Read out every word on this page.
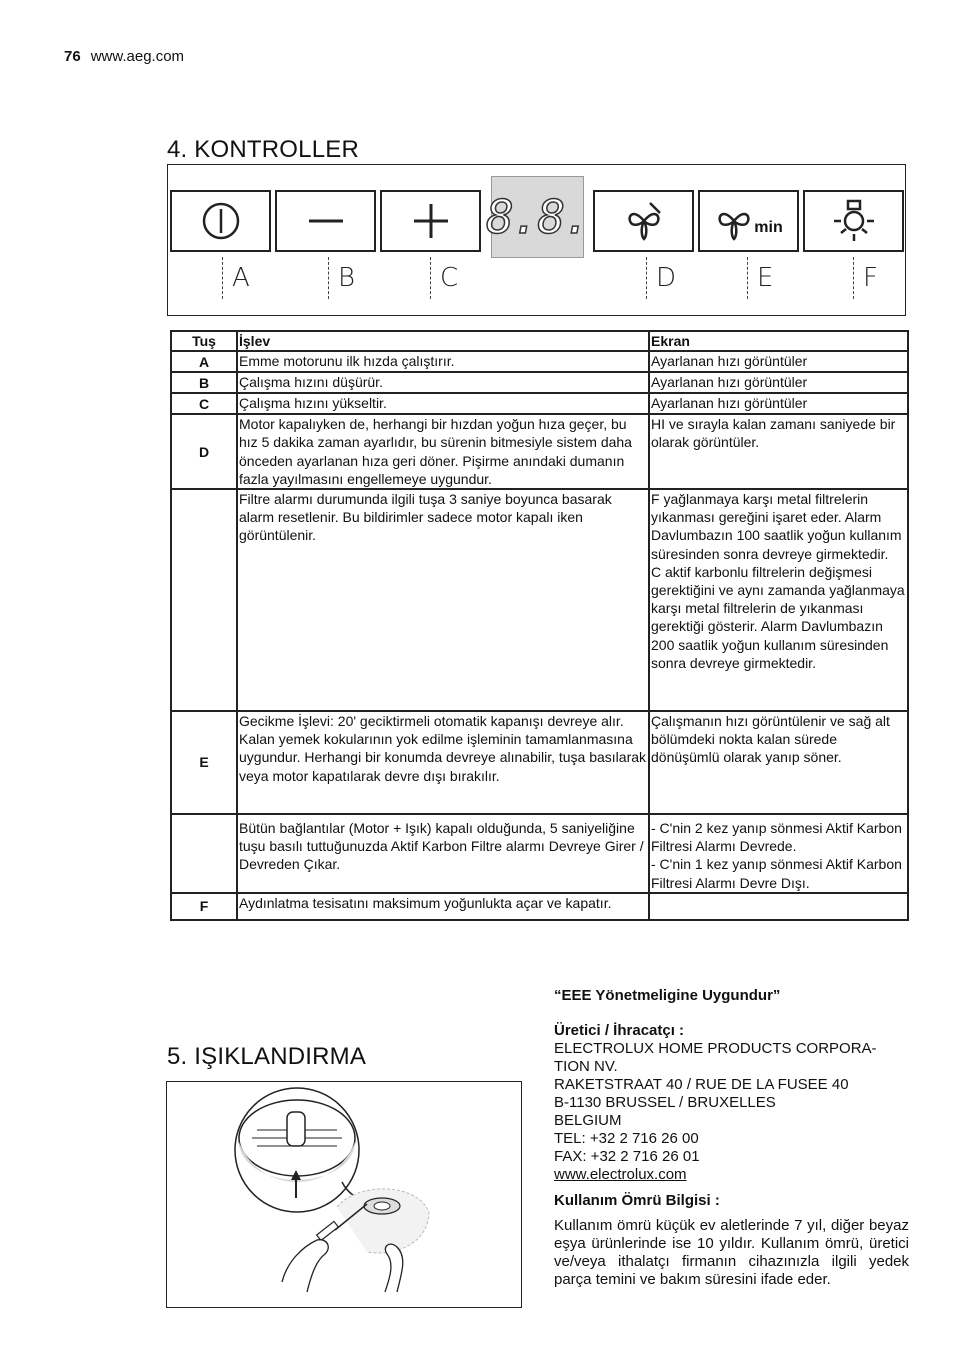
76 www.aeg.com
4. KONTROLLER
8.8.	min
A	B	C	D	E	F
Tuş	İşlev	Ekran
A	Emme motorunu ilk hızda çalıştırır.	Ayarlanan hızı görüntüler
B	Çalışma hızını düşürür.	Ayarlanan hızı görüntüler
C	Çalışma hızını yükseltir.	Ayarlanan hızı görüntüler
D	Motor kapalıyken de, herhangi bir hızdan yoğun hıza geçer, bu hız 5 dakika zaman ayarlıdır, bu sürenin bitmesiyle sistem daha önceden ayarlanan hıza geri döner. Pişirme anındaki dumanın fazla yayılmasını engellemeye uygundur.	HI ve sırayla kalan zamanı saniyede bir olarak görüntüler.
	Filtre alarmı durumunda ilgili tuşa 3 saniye boyunca basarak alarm resetlenir. Bu bildirimler sadece motor kapalı iken görüntülenir.	F yağlanmaya karşı metal filtrelerin yıkanması gereğini işaret eder. Alarm Davlumbazın 100 saatlik yoğun kullanım süresinden sonra devreye girmektedir.
C aktif karbonlu filtrelerin değişmesi gerektiğini ve aynı zamanda yağlanmaya karşı metal filtrelerin de yıkanması gerektiği gösterir. Alarm Davlumbazın 200 saatlik yoğun kullanım süresinden sonra devreye girmektedir.
E	Gecikme İşlevi: 20' geciktirmeli otomatik kapanışı devreye alır. Kalan yemek kokularının yok edilme işleminin tamamlanmasına uygundur. Herhangi bir konumda devreye alınabilir, tuşa basılarak veya motor kapatılarak devre dışı bırakılır.	Çalışmanın hızı görüntülenir ve sağ alt bölümdeki nokta kalan sürede dönüşümlü olarak yanıp söner.
	Bütün bağlantılar (Motor + Işık) kapalı olduğunda, 5 saniyeliğine tuşu basılı tuttuğunuzda Aktif Karbon Filtre alarmı Devreye Girer / Devreden Çıkar.	- C'nin 2 kez yanıp sönmesi Aktif Karbon Filtresi Alarmı Devrede.
- C'nin 1 kez yanıp sönmesi Aktif Karbon Filtresi Alarmı Devre Dışı.
F	Aydınlatma tesisatını maksimum yoğunlukta açar ve kapatır.	
5. IŞIKLANDIRMA
“EEE Yönetmeligine Uygundur”
Üretici / İhracatçı :
ELECTROLUX HOME PRODUCTS CORPORA-
TION NV.
RAKETSTRAAT 40 / RUE DE LA FUSEE 40
B-1130 BRUSSEL / BRUXELLES
BELGIUM
TEL: +32 2 716 26 00
FAX: +32 2 716 26 01
www.electrolux.com
Kullanım Ömrü Bilgisi :
Kullanım ömrü küçük ev aletlerinde 7 yıl, diğer beyaz eşya ürünlerinde ise 10 yıldır. Kullanım ömrü, üretici ve/veya ithalatçı firmanın cihazınızla ilgili yedek parça temini ve bakım süresini ifade eder.
